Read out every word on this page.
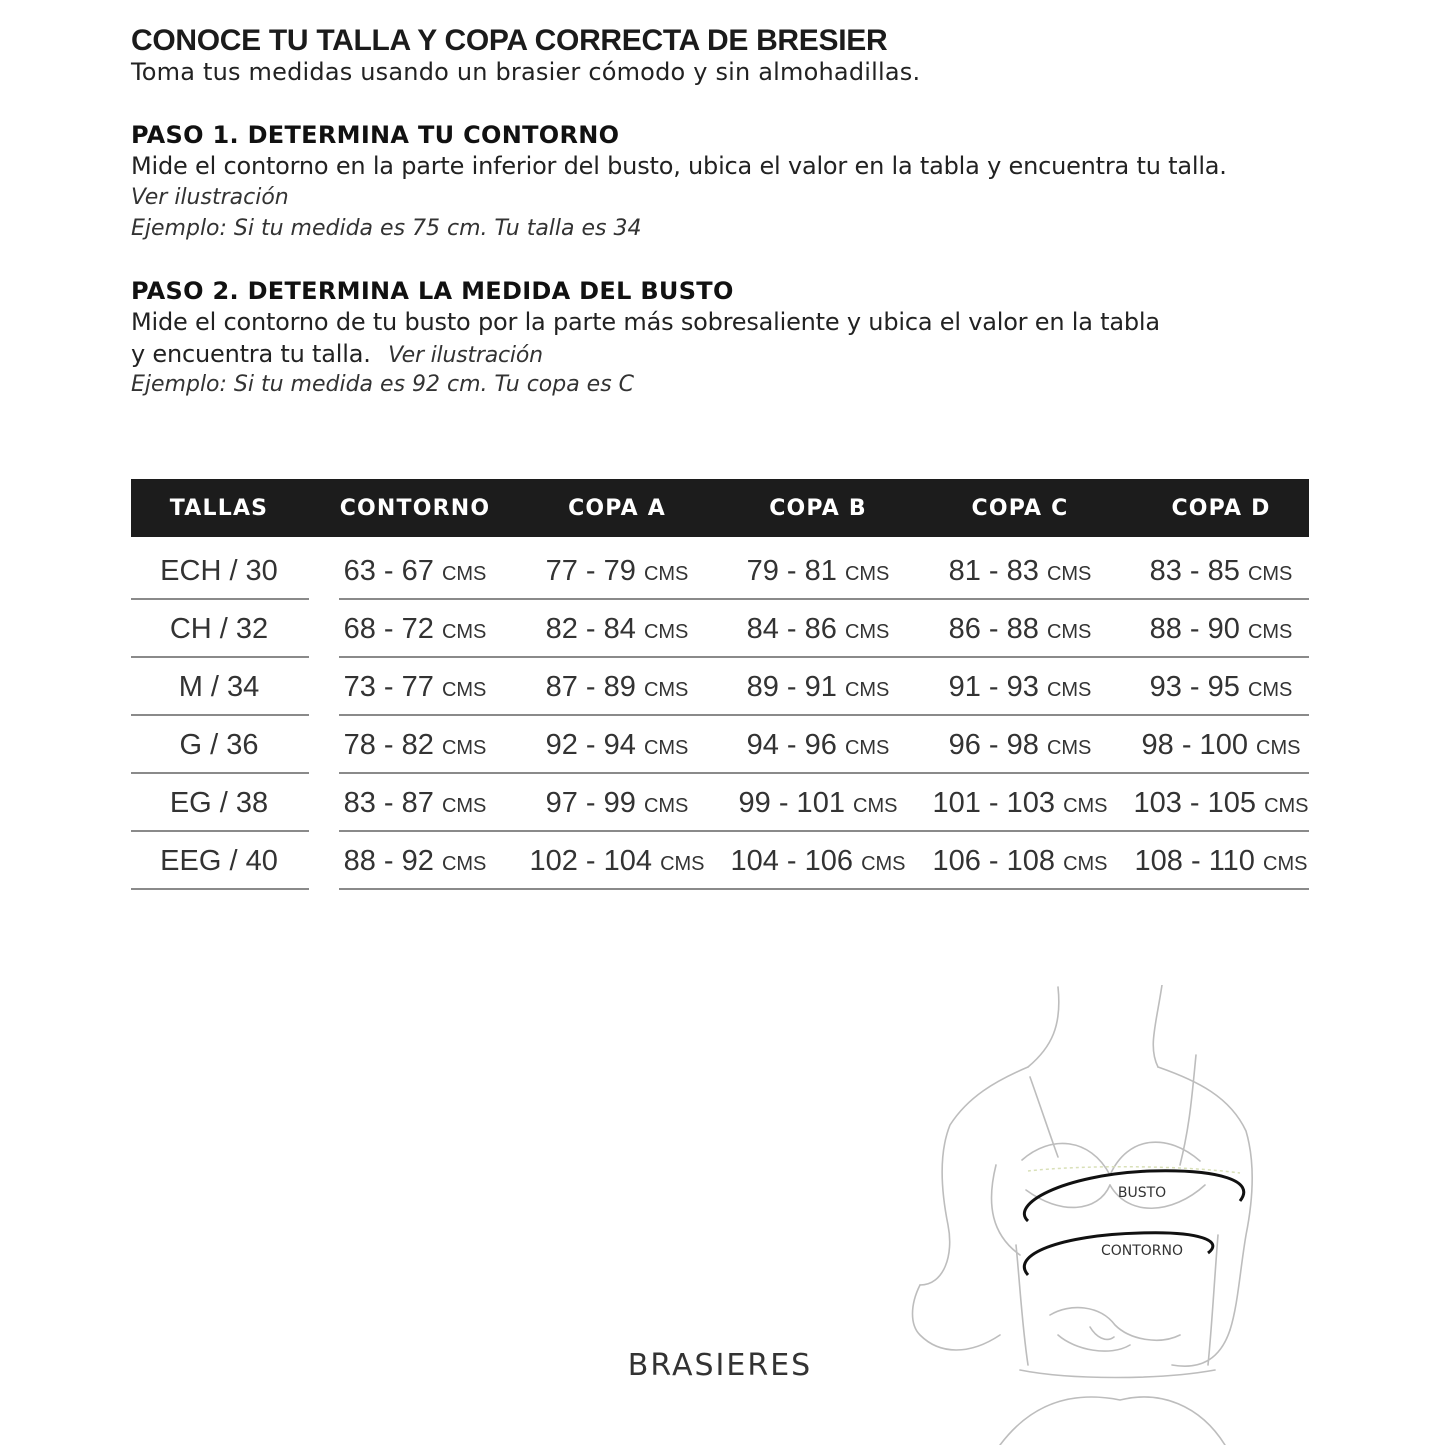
CONOCE TU TALLA Y COPA CORRECTA DE BRESIER
Toma tus medidas usando un brasier cómodo y sin almohadillas.
PASO 1. DETERMINA TU CONTORNO
Mide el contorno en la parte inferior del busto, ubica el valor en la tabla y encuentra tu talla.
Ver ilustración
Ejemplo: Si tu medida es 75 cm. Tu talla es 34
PASO 2. DETERMINA LA MEDIDA DEL BUSTO
Mide el contorno de tu busto por la parte más sobresaliente y ubica el valor en la tabla
y encuentra tu talla. Ver ilustración
Ejemplo: Si tu medida es 92 cm. Tu copa es C
TALLAS	CONTORNO	COPA A	COPA B	COPA C	COPA D
ECH / 30	63 - 67 CMS	77 - 79 CMS	79 - 81 CMS	81 - 83 CMS	83 - 85 CMS
CH / 32	68 - 72 CMS	82 - 84 CMS	84 - 86 CMS	86 - 88 CMS	88 - 90 CMS
M / 34	73 - 77 CMS	87 - 89 CMS	89 - 91 CMS	91 - 93 CMS	93 - 95 CMS
G / 36	78 - 82 CMS	92 - 94 CMS	94 - 96 CMS	96 - 98 CMS	98 - 100 CMS
EG / 38	83 - 87 CMS	97 - 99 CMS	99 - 101 CMS	101 - 103 CMS 103 - 105 CMS
EEG / 40	88 - 92 CMS	102 - 104 CMS 104 - 106 CMS 106 - 108 CMS 108 - 110 CMS
BRASIERES
BUSTO
CONTORNO
